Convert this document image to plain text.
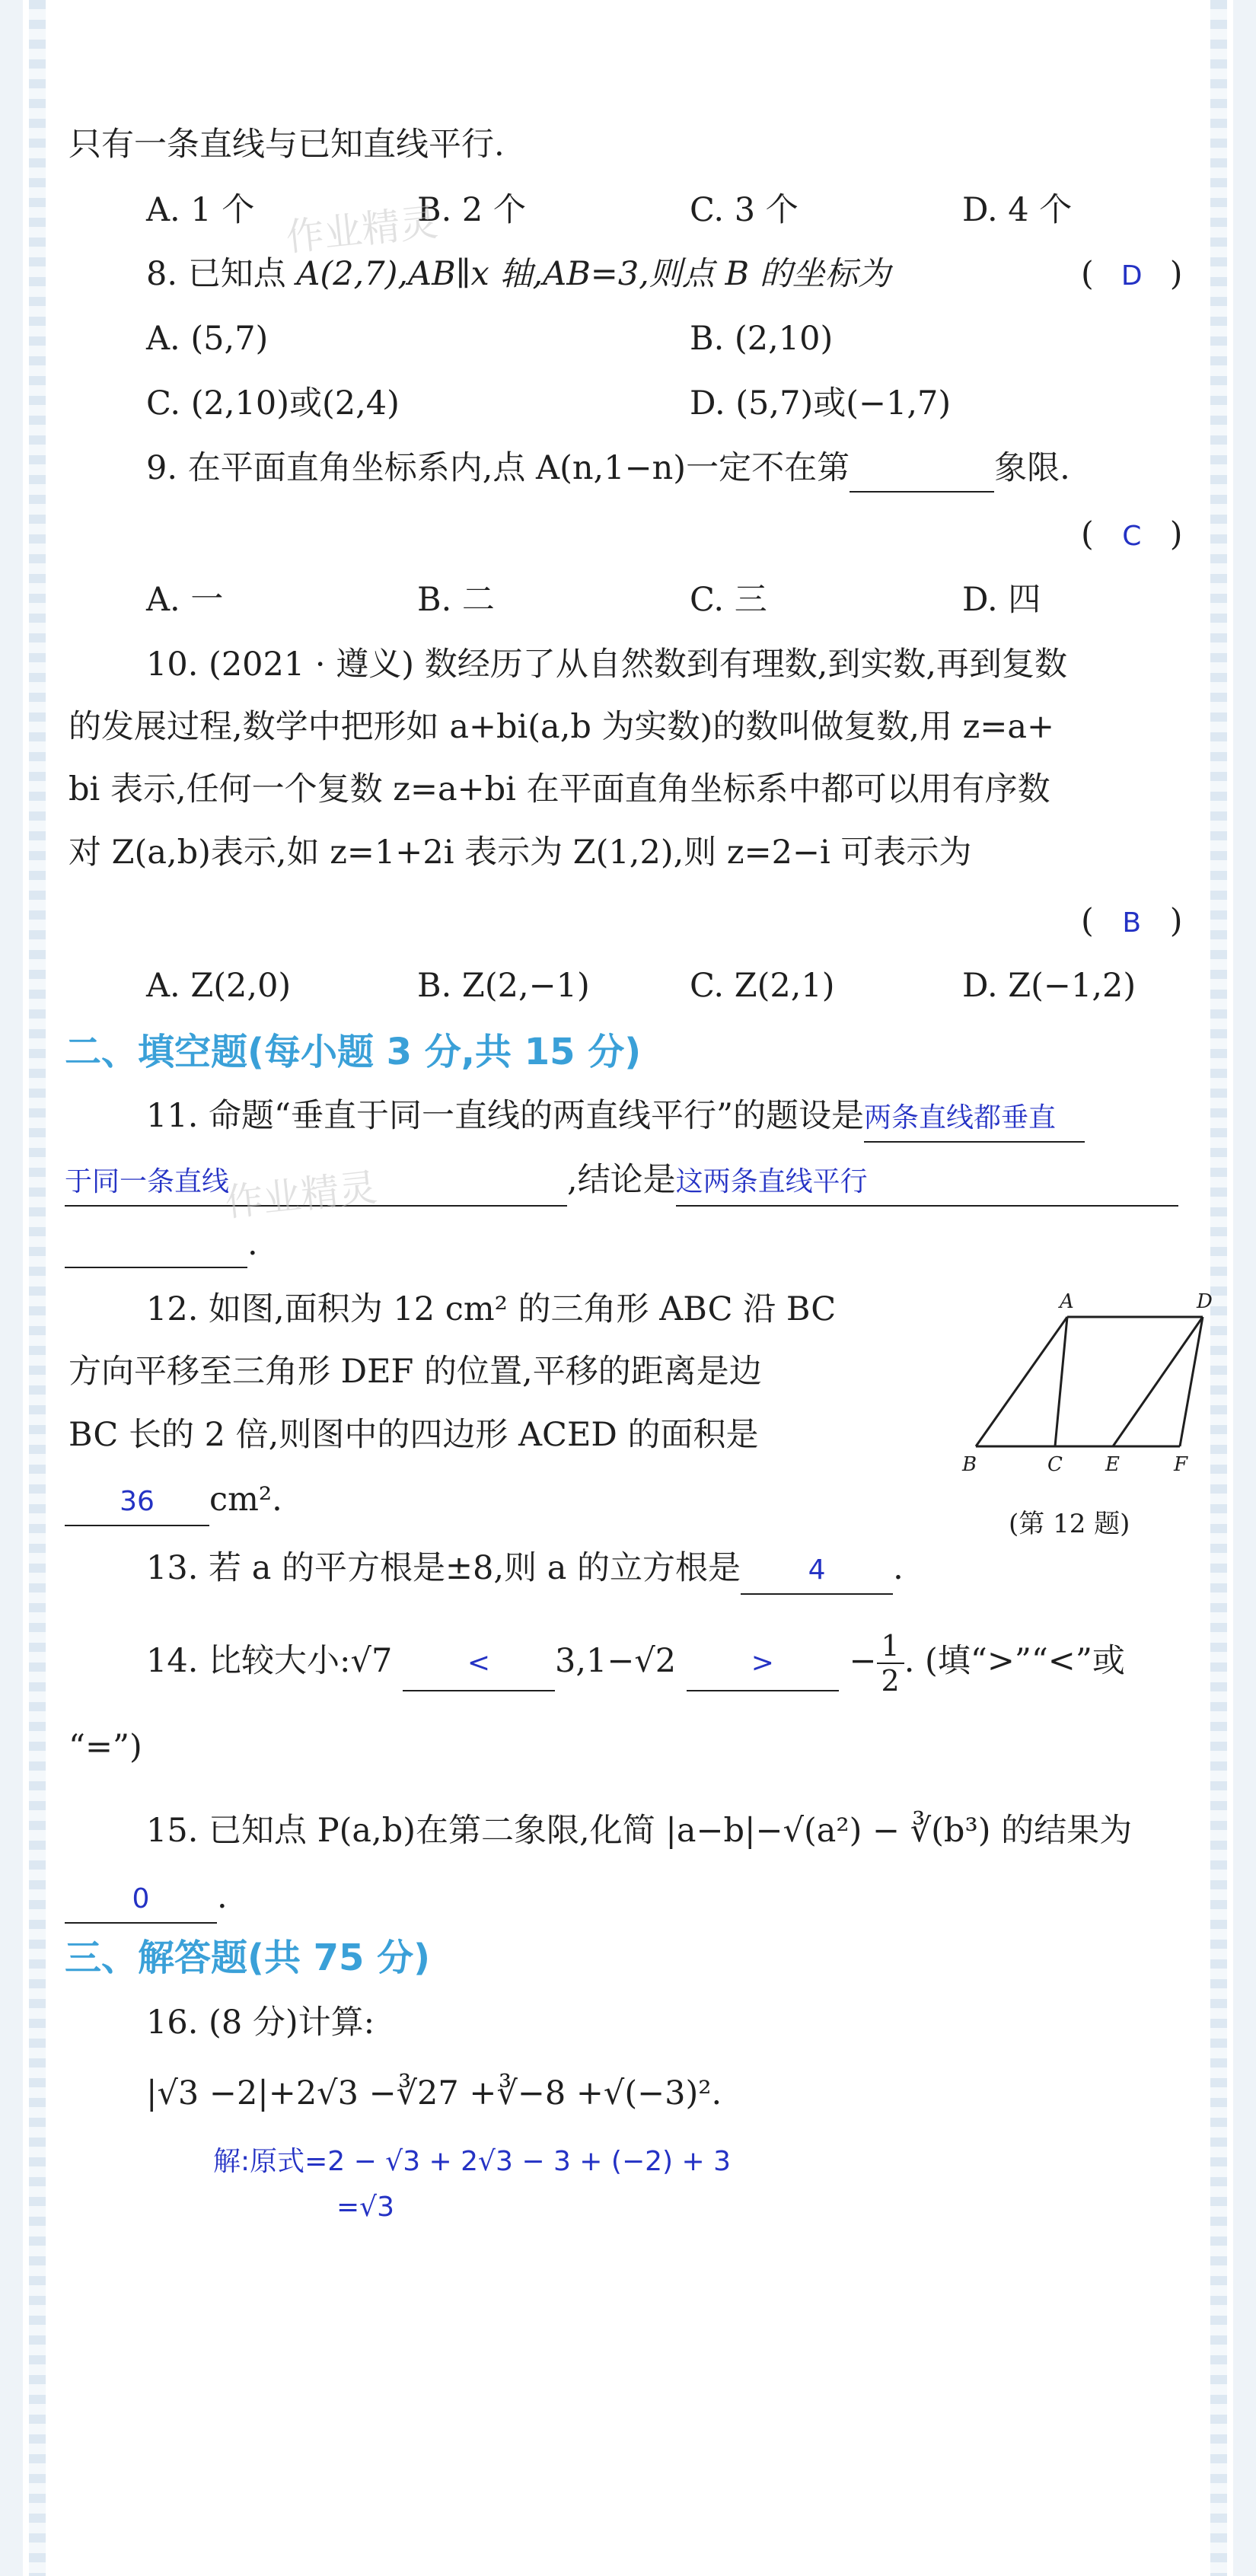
只有一条直线与已知直线平行.
A. 1 个	B. 2 个	C. 3 个	D. 4 个
作业精灵
8. 已知点 A(2,7),AB∥x 轴,AB=3,则点 B 的坐标为	( D )
A. (5,7)	B. (2,10)
C. (2,10)或(2,4)	D. (5,7)或(−1,7)
9. 在平面直角坐标系内,点 A(n,1−n)一定不在第	象限.
( C )
A. 一	B. 二	C. 三	D. 四
10. (2021 · 遵义) 数经历了从自然数到有理数,到实数,再到复数
的发展过程,数学中把形如 a+bi(a,b 为实数)的数叫做复数,用 z=a+
bi 表示,任何一个复数 z=a+bi 在平面直角坐标系中都可以用有序数
对 Z(a,b)表示,如 z=1+2i 表示为 Z(1,2),则 z=2−i 可表示为
( B )
A. Z(2,0)	B. Z(2,−1)	C. Z(2,1)	D. Z(−1,2)
二、填空题(每小题 3 分,共 15 分)
11. 命题“垂直于同一直线的两直线平行”的题设是两条直线都垂直
于同一条直线	,结论是这两条直线平行
作业精灵
.
12. 如图,面积为 12 cm² 的三角形 ABC 沿 BC
方向平移至三角形 DEF 的位置,平移的距离是边
BC 长的 2 倍,则图中的四边形 ACED 的面积是
36 cm².
A	D
B	C E	F
(第 12 题)
13. 若 a 的平方根是±8,则 a 的立方根是 4 .
14. 比较大小:√7	< 3,1−√2	> − $\frac{1}{2}$ . (填“>”“<”或
“=”)
15. 已知点 P(a,b)在第二象限,化简 |a−b|−√(a²) − ∛(b³) 的结果为
0 .
三、解答题(共 75 分)
16. (8 分)计算:
|√3 −2|+2√3 −∛27 +∛−8 +√(−3)².
解:原式=2 − √3 + 2√3 − 3 + (−2) + 3
=√3
